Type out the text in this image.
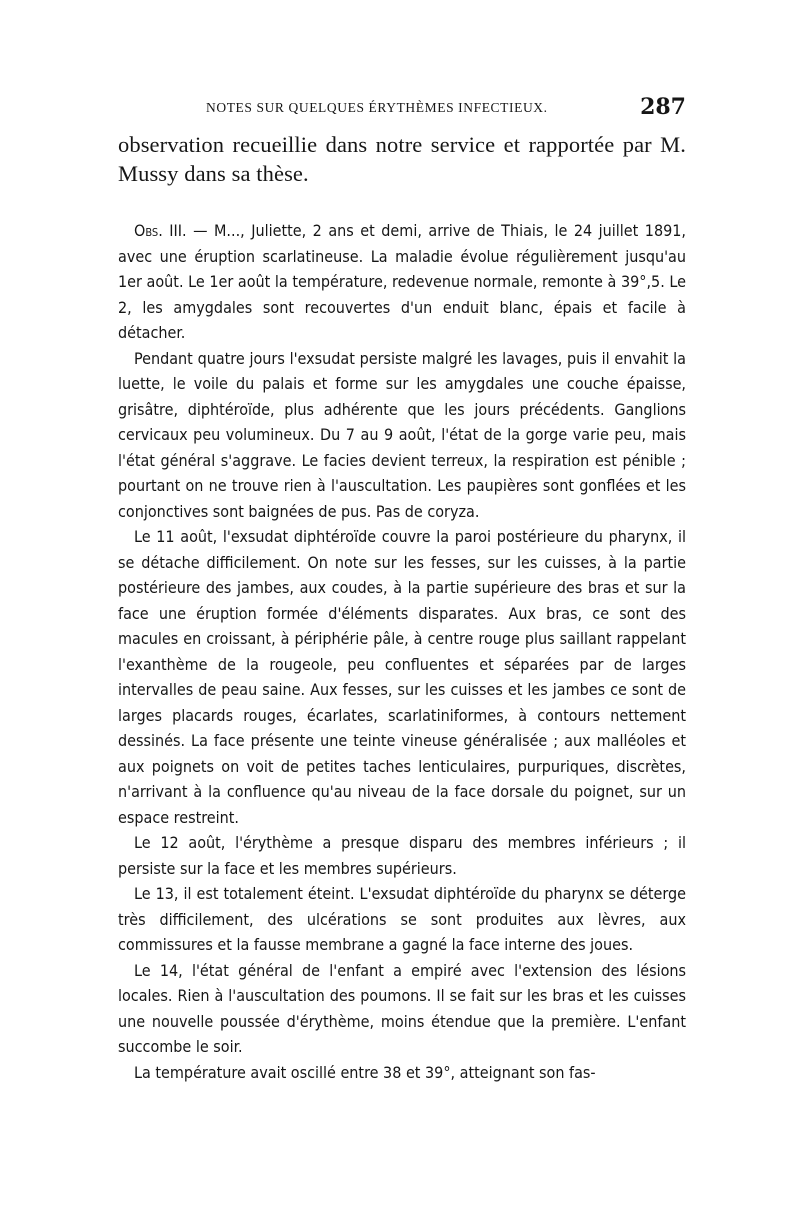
NOTES SUR QUELQUES ÉRYTHÈMES INFECTIEUX.	287

observation recueillie dans notre service et rapportée par M. Mussy dans sa thèse.

Obs. III. — M..., Juliette, 2 ans et demi, arrive de Thiais, le 24 juillet 1891, avec une éruption scarlatineuse. La maladie évolue régulièrement jusqu'au 1er août. Le 1er août la température, redevenue normale, remonte à 39°,5. Le 2, les amygdales sont recouvertes d'un enduit blanc, épais et facile à détacher.

Pendant quatre jours l'exsudat persiste malgré les lavages, puis il envahit la luette, le voile du palais et forme sur les amygdales une couche épaisse, grisâtre, diphtéroïde, plus adhérente que les jours précédents. Ganglions cervicaux peu volumineux. Du 7 au 9 août, l'état de la gorge varie peu, mais l'état général s'aggrave. Le facies devient terreux, la respiration est pénible ; pourtant on ne trouve rien à l'auscultation. Les paupières sont gonflées et les conjonctives sont baignées de pus. Pas de coryza.

Le 11 août, l'exsudat diphtéroïde couvre la paroi postérieure du pharynx, il se détache difficilement. On note sur les fesses, sur les cuisses, à la partie postérieure des jambes, aux coudes, à la partie supérieure des bras et sur la face une éruption formée d'éléments disparates. Aux bras, ce sont des macules en croissant, à périphérie pâle, à centre rouge plus saillant rappelant l'exanthème de la rougeole, peu confluentes et séparées par de larges intervalles de peau saine. Aux fesses, sur les cuisses et les jambes ce sont de larges placards rouges, écarlates, scarlatiniformes, à contours nettement dessinés. La face présente une teinte vineuse généralisée ; aux malléoles et aux poignets on voit de petites taches lenticulaires, purpuriques, discrètes, n'arrivant à la confluence qu'au niveau de la face dorsale du poignet, sur un espace restreint.

Le 12 août, l'érythème a presque disparu des membres inférieurs ; il persiste sur la face et les membres supérieurs.

Le 13, il est totalement éteint. L'exsudat diphtéroïde du pharynx se déterge très difficilement, des ulcérations se sont produites aux lèvres, aux commissures et la fausse membrane a gagné la face interne des joues.

Le 14, l'état général de l'enfant a empiré avec l'extension des lésions locales. Rien à l'auscultation des poumons. Il se fait sur les bras et les cuisses une nouvelle poussée d'érythème, moins étendue que la première. L'enfant succombe le soir.

La température avait oscillé entre 38 et 39°, atteignant son fas-
